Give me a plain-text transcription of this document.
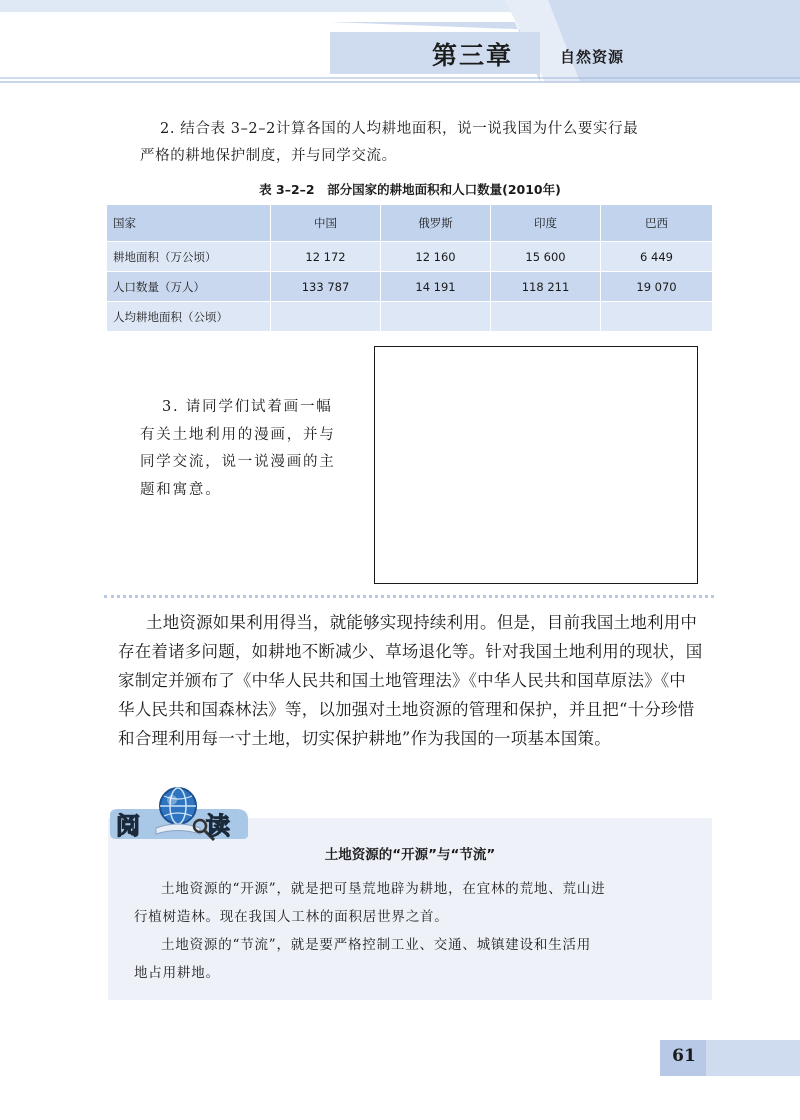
第三章	自然资源

2. 结合表 3–2–2计算各国的人均耕地面积，说一说我国为什么要实行最

严格的耕地保护制度，并与同学交流。

表 3–2–2　部分国家的耕地面积和人口数量(2010年)
国家	中国	俄罗斯	印度	巴西
耕地面积（万公顷）	12 172	12 160	15 600	6 449
人口数量（万人）	133 787	14 191	118 211	19 070
人均耕地面积（公顷）				

3. 请同学们试着画一幅

有关土地利用的漫画，并与

同学交流，说一说漫画的主

题和寓意。

土地资源如果利用得当，就能够实现持续利用。但是，目前我国土地利用中

存在着诸多问题，如耕地不断减少、草场退化等。针对我国土地利用的现状，国

家制定并颁布了《中华人民共和国土地管理法》《中华人民共和国草原法》《中

华人民共和国森林法》等，以加强对土地资源的管理和保护，并且把“十分珍惜

和合理利用每一寸土地，切实保护耕地”作为我国的一项基本国策。

阅	读
土地资源的“开源”与“节流”

土地资源的“开源”，就是把可垦荒地辟为耕地，在宜林的荒地、荒山进

行植树造林。现在我国人工林的面积居世界之首。

土地资源的“节流”，就是要严格控制工业、交通、城镇建设和生活用

地占用耕地。

61
